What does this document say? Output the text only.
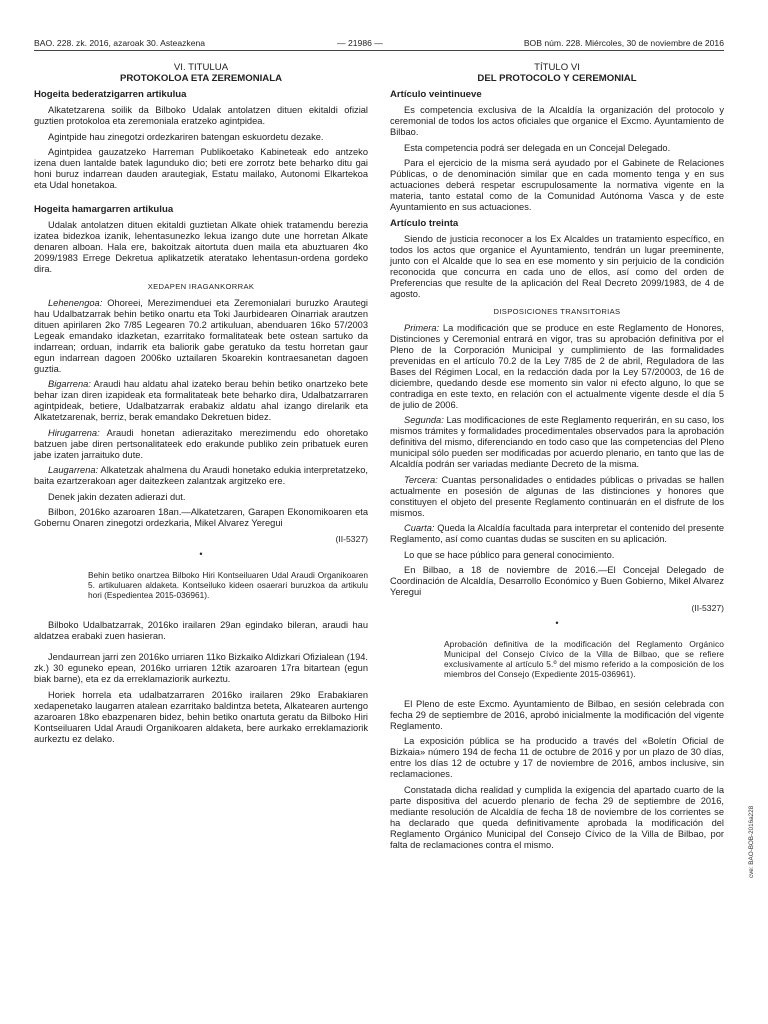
BAO. 228. zk. 2016, azaroak 30. Asteazkena	— 21986 —	BOB núm. 228. Miércoles, 30 de noviembre de 2016
VI. TITULUA
PROTOKOLOA ETA ZEREMONIALA
Hogeita bederatzigarren artikulua

Alkatetzarena soilik da Bilboko Udalak antolatzen dituen ekitaldi ofizial guztien protokoloa eta zeremoniala eratzeko agintpidea.

Agintpide hau zinegotzi ordezkariren batengan eskuordetu dezake.

Agintpidea gauzatzeko Harreman Publikoetako Kabineteak edo antzeko izena duen lantalde batek lagunduko dio; beti ere zorrotz bete beharko ditu gai honi buruz indarrean dauden arautegiak, Estatu mailako, Autonomi Elkartekoa eta Udal honetakoa.

Hogeita hamargarren artikulua

Udalak antolatzen dituen ekitaldi guztietan Alkate ohiek tratamendu berezia izatea bidezkoa izanik, lehentasunezko lekua izango dute une horretan Alkate denaren alboan. Hala ere, bakoitzak aitortuta duen maila eta abuztuaren 4ko 2099/1983 Errege Dekretua aplikatzetik ateratako lehentasun-ordena gordeko dira.

XEDAPEN IRAGANKORRAK

Lehenengoa: Ohoreei, Merezimenduei eta Zeremonialari buruzko Arautegi hau Udalbatzarrak behin betiko onartu eta Toki Jaurbidearen Oinarriak arautzen dituen apirilaren 2ko 7/85 Legearen 70.2 artikuluan, abenduaren 16ko 57/2003 Legeak emandako idazketan, ezarritako formalitateak bete ostean sartuko da indarrean; orduan, indarrik eta baliorik gabe geratuko da testu horretan gaur egun indarrean dagoen 2006ko uztailaren 5koarekin kontraesanetan dagoen guztia.

Bigarrena: Araudi hau aldatu ahal izateko berau behin betiko onartzeko bete behar izan diren izapideak eta formalitateak bete beharko dira, Udalbatzarraren agintpideak, betiere, Udalbatzarrak erabakiz aldatu ahal izango direlarik eta Alkatetzarenak, berriz, berak emandako Dekretuen bidez.

Hirugarrena: Araudi honetan adierazitako merezimendu edo ohoretako batzuen jabe diren pertsonalitateek edo erakunde publiko zein pribatuek euren jabe izaten jarraituko dute.

Laugarrena: Alkatetzak ahalmena du Araudi honetako edukia interpretatzeko, baita ezartzerakoan ager daitezkeen zalantzak argitzeko ere.

Denek jakin dezaten adierazi dut.

Bilbon, 2016ko azaroaren 18an.—Alkatetzaren, Garapen Ekonomikoaren eta Gobernu Onaren zinegotzi ordezkaria, Mikel Alvarez Yeregui

(II-5327)
•
Behin betiko onartzea Bilboko Hiri Kontseiluaren Udal Araudi Organikoaren 5. artikuluaren aldaketa. Kontseiluko kideen osaerari buruzkoa da artikulu hori (Espedientea 2015-036961).

Bilboko Udalbatzarrak, 2016ko irailaren 29an egindako bileran, araudi hau aldatzea erabaki zuen hasieran.

Jendaurrean jarri zen 2016ko urriaren 11ko Bizkaiko Aldizkari Ofizialean (194. zk.) 30 eguneko epean, 2016ko urriaren 12tik azaroaren 17ra bitartean (egun biak barne), eta ez da erreklamaziorik aurkeztu.

Horiek horrela eta udalbatzarraren 2016ko irailaren 29ko Erabakiaren xedapenetako laugarren atalean ezarritako baldintza beteta, Alkatearen aurtengo azaroaren 18ko ebazpenaren bidez, behin betiko onartuta geratu da Bilboko Hiri Kontseiluaren Udal Araudi Organikoaren aldaketa, bere aurkako erreklamaziorik aurkeztu ez delako.

TÍTULO VI
DEL PROTOCOLO Y CEREMONIAL
Artículo veintinueve

Es competencia exclusiva de la Alcaldía la organización del protocolo y ceremonial de todos los actos oficiales que organice el Excmo. Ayuntamiento de Bilbao.

Esta competencia podrá ser delegada en un Concejal Delegado.

Para el ejercicio de la misma será ayudado por el Gabinete de Relaciones Públicas, o de denominación similar que en cada momento tenga y en sus actuaciones deberá respetar escrupulosamente la normativa vigente en la materia, tanto estatal como de la Comunidad Autónoma Vasca y de este Ayuntamiento en sus actuaciones.

Artículo treinta

Siendo de justicia reconocer a los Ex Alcaldes un tratamiento específico, en todos los actos que organice el Ayuntamiento, tendrán un lugar preeminente, junto con el Alcalde que lo sea en ese momento y sin perjuicio de la condición reconocida que concurra en cada uno de ellos, así como del orden de Preferencias que resulte de la aplicación del Real Decreto 2099/1983, de 4 de agosto.

DISPOSICIONES TRANSITORIAS

Primera: La modificación que se produce en este Reglamento de Honores, Distinciones y Ceremonial entrará en vigor, tras su aprobación definitiva por el Pleno de la Corporación Municipal y cumplimiento de las formalidades prevenidas en el artículo 70.2 de la Ley 7/85 de 2 de abril, Reguladora de las Bases del Régimen Local, en la redacción dada por la Ley 57/20003, de 16 de diciembre, quedando desde ese momento sin valor ni efecto alguno, lo que se contradiga en este texto, en relación con el actualmente vigente desde el día 5 de julio de 2006.

Segunda: Las modificaciones de este Reglamento requerirán, en su caso, los mismos trámites y formalidades procedimentales observados para la aprobación definitiva del mismo, diferenciando en todo caso que las competencias del Pleno municipal sólo pueden ser modificadas por acuerdo plenario, en tanto que las de Alcaldía podrán ser variadas mediante Decreto de la misma.

Tercera: Cuantas personalidades o entidades públicas o privadas se hallen actualmente en posesión de algunas de las distinciones y honores que constituyen el objeto del presente Reglamento continuarán en el disfrute de los mismos.

Cuarta: Queda la Alcaldía facultada para interpretar el contenido del presente Reglamento, así como cuantas dudas se susciten en su aplicación.

Lo que se hace público para general conocimiento.

En Bilbao, a 18 de noviembre de 2016.—El Concejal Delegado de Coordinación de Alcaldía, Desarrollo Económico y Buen Gobierno, Mikel Alvarez Yeregui

(II-5327)
•
Aprobación definitiva de la modificación del Reglamento Orgánico Municipal del Consejo Cívico de la Villa de Bilbao, que se refiere exclusivamente al artículo 5.º del mismo referido a la composición de los miembros del Consejo (Expediente 2015-036961).

El Pleno de este Excmo. Ayuntamiento de Bilbao, en sesión celebrada con fecha 29 de septiembre de 2016, aprobó inicialmente la modificación del vigente Reglamento.

La exposición pública se ha producido a través del «Boletín Oficial de Bizkaia» número 194 de fecha 11 de octubre de 2016 y por un plazo de 30 días, entre los días 12 de octubre y 17 de noviembre de 2016, ambos inclusive, sin reclamaciones.

Constatada dicha realidad y cumplida la exigencia del apartado cuarto de la parte dispositiva del acuerdo plenario de fecha 29 de septiembre de 2016, mediante resolución de Alcaldía de fecha 18 de noviembre de los corrientes se ha declarado que queda definitivamente aprobada la modificación del Reglamento Orgánico Municipal del Consejo Cívico de la Villa de Bilbao, por falta de reclamaciones contra el mismo.	cve: BAO-BOB-2016a228
